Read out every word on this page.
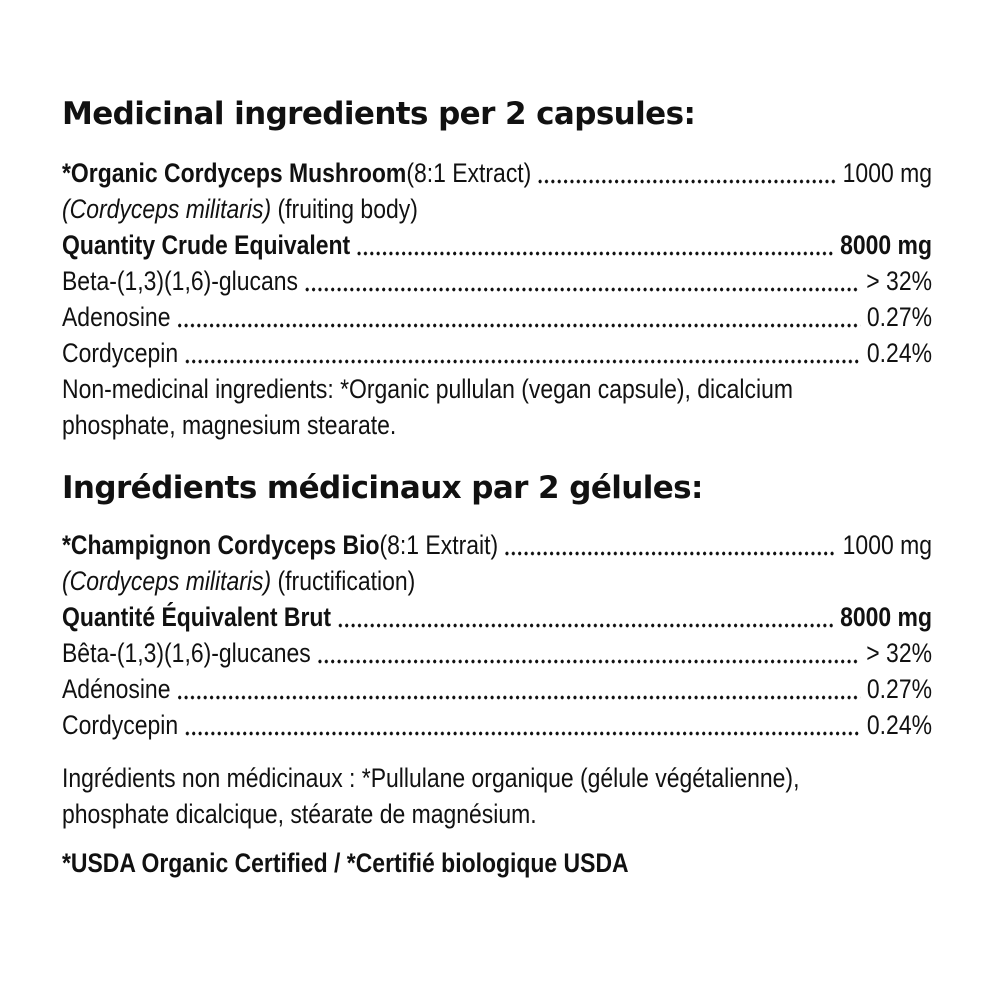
Medicinal ingredients per 2 capsules:
*Organic Cordyceps Mushroom (8:1 Extract)	1000 mg

(Cordyceps militaris) (fruiting body)

Quantity Crude Equivalent	8000 mg
Beta-(1,3)(1,6)-glucans	> 32%
Adenosine	0.27%
Cordycepin	0.24%

Non-medicinal ingredients: *Organic pullulan (vegan capsule), dicalcium

phosphate, magnesium stearate.

Ingrédients médicinaux par 2 gélules:
*Champignon Cordyceps Bio (8:1 Extrait)	1000 mg

(Cordyceps militaris) (fructification)

Quantité Équivalent Brut	8000 mg
Bêta-(1,3)(1,6)-glucanes	> 32%
Adénosine	0.27%
Cordycepin	0.24%

Ingrédients non médicinaux : *Pullulane organique (gélule végétalienne),

phosphate dicalcique, stéarate de magnésium.

*USDA Organic Certified / *Certifié biologique USDA
